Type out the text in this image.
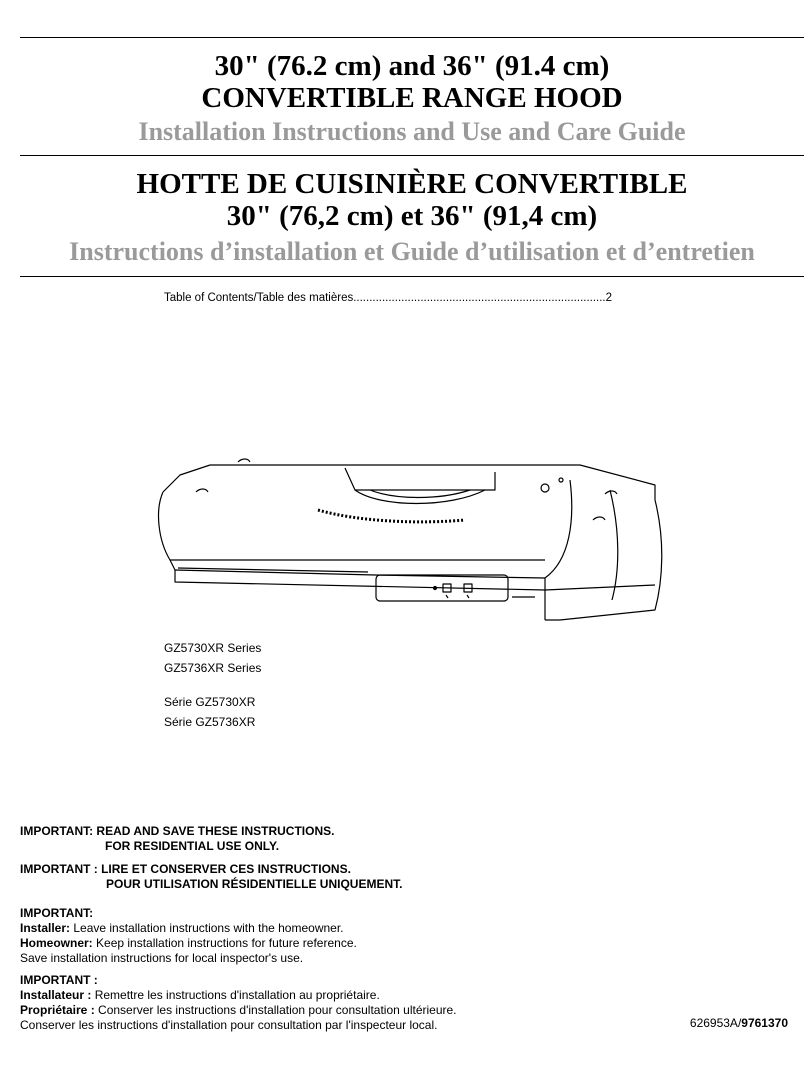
30" (76.2 cm) and 36" (91.4 cm)
CONVERTIBLE RANGE HOOD
Installation Instructions and Use and Care Guide
HOTTE DE CUISINIÈRE CONVERTIBLE
30" (76,2 cm) et 36" (91,4 cm)
Instructions d’installation et Guide d’utilisation et d’entretien
Table of Contents/Table des matières...............................................................................2
GZ5730XR Series
GZ5736XR Series
Série GZ5730XR
Série GZ5736XR
IMPORTANT: READ AND SAVE THESE INSTRUCTIONS.
FOR RESIDENTIAL USE ONLY.
IMPORTANT : LIRE ET CONSERVER CES INSTRUCTIONS.
POUR UTILISATION RÉSIDENTIELLE UNIQUEMENT.
IMPORTANT:
Installer: Leave installation instructions with the homeowner.
Homeowner: Keep installation instructions for future reference.
Save installation instructions for local inspector's use.
IMPORTANT :
Installateur : Remettre les instructions d'installation au propriétaire.
Propriétaire : Conserver les instructions d'installation pour consultation ultérieure.
Conserver les instructions d'installation pour consultation par l'inspecteur local.	626953A/9761370
